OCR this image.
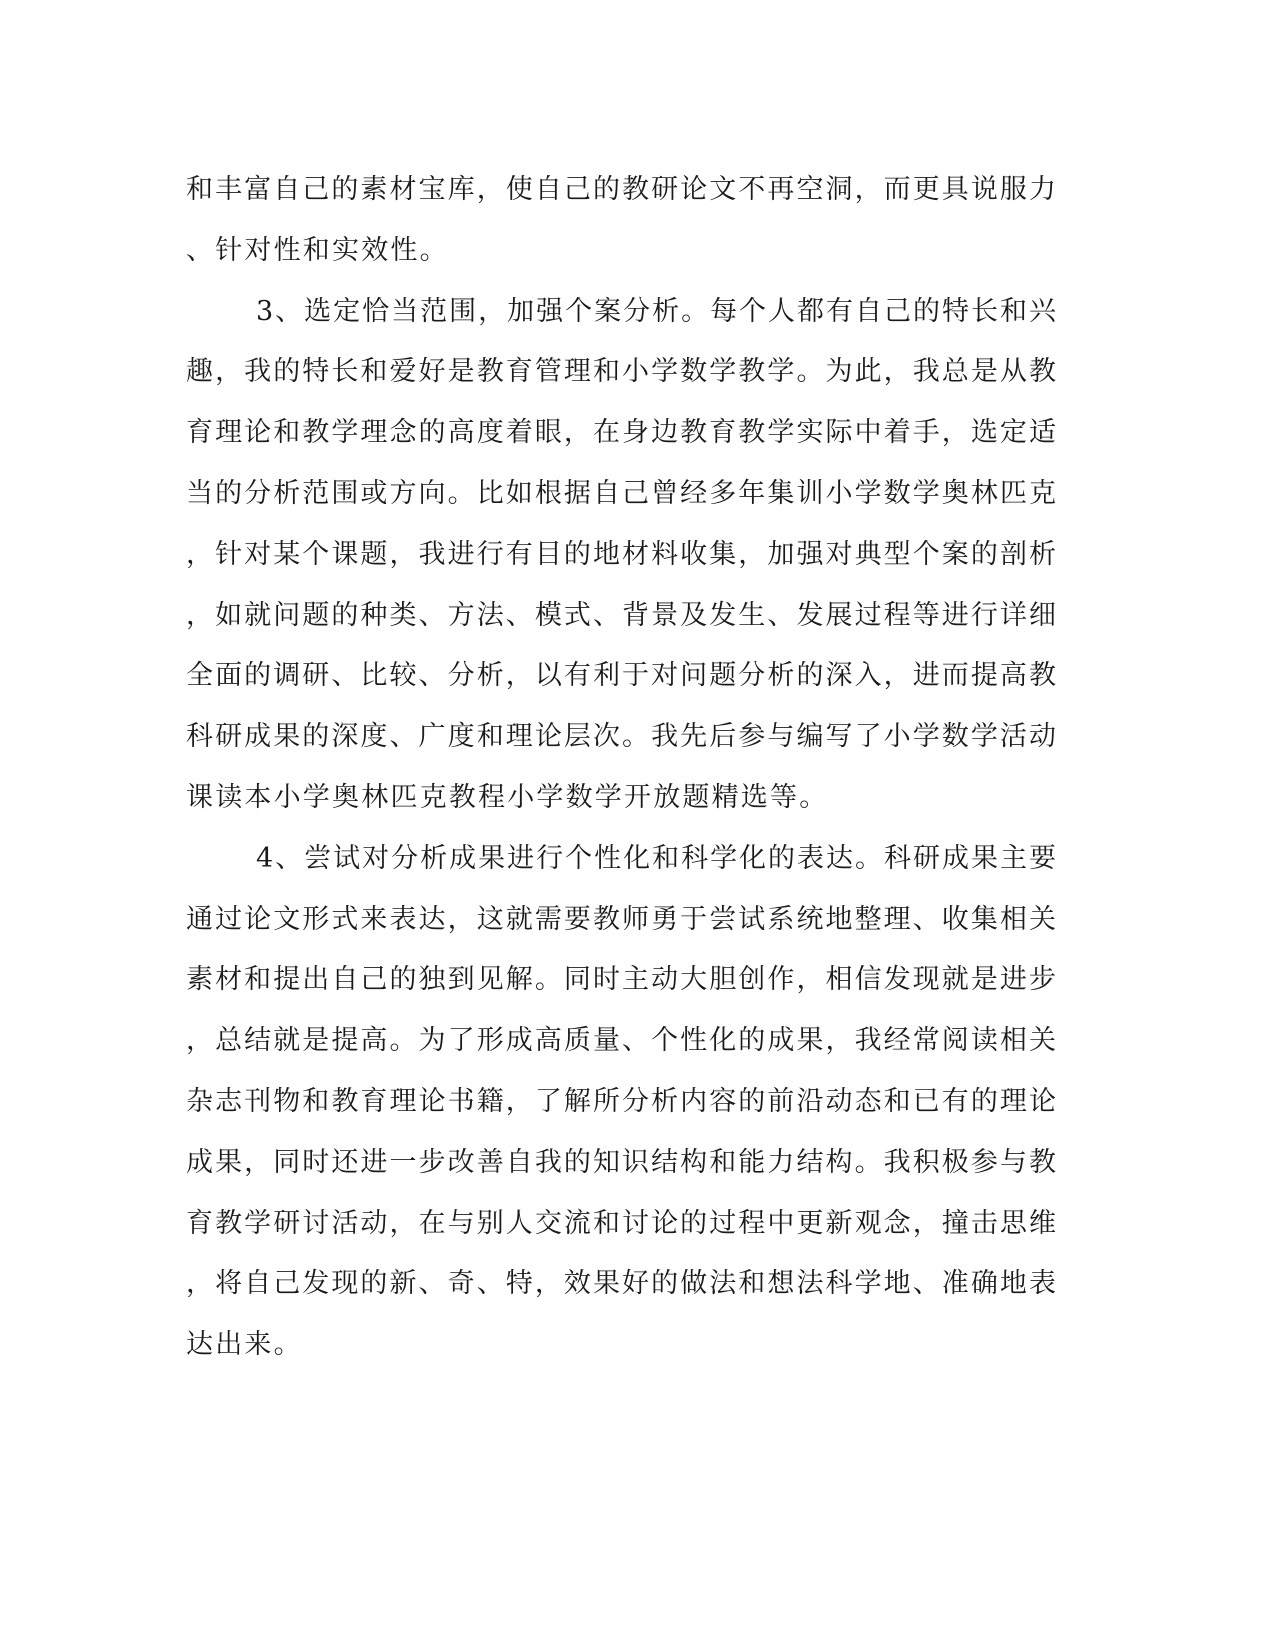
和丰富自己的素材宝库，使自己的教研论文不再空洞，而更具说服力
、针对性和实效性。
3、选定恰当范围，加强个案分析。每个人都有自己的特长和兴
趣，我的特长和爱好是教育管理和小学数学教学。为此，我总是从教
育理论和教学理念的高度着眼，在身边教育教学实际中着手，选定适
当的分析范围或方向。比如根据自己曾经多年集训小学数学奥林匹克
，针对某个课题，我进行有目的地材料收集，加强对典型个案的剖析
，如就问题的种类、方法、模式、背景及发生、发展过程等进行详细
全面的调研、比较、分析，以有利于对问题分析的深入，进而提高教
科研成果的深度、广度和理论层次。我先后参与编写了小学数学活动
课读本小学奥林匹克教程小学数学开放题精选等。
4、尝试对分析成果进行个性化和科学化的表达。科研成果主要
通过论文形式来表达，这就需要教师勇于尝试系统地整理、收集相关
素材和提出自己的独到见解。同时主动大胆创作，相信发现就是进步
，总结就是提高。为了形成高质量、个性化的成果，我经常阅读相关
杂志刊物和教育理论书籍，了解所分析内容的前沿动态和已有的理论
成果，同时还进一步改善自我的知识结构和能力结构。我积极参与教
育教学研讨活动，在与别人交流和讨论的过程中更新观念，撞击思维
，将自己发现的新、奇、特，效果好的做法和想法科学地、准确地表
达出来。
